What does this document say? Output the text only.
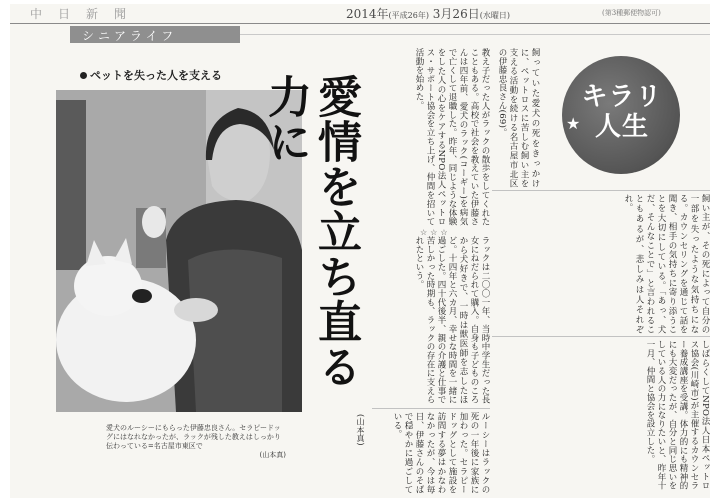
中日新聞	2014年(平成26年) 3月26日(水曜日)	(第3種郵便物認可)
シニアライフ
ペットを失った人を支える
愛犬のルーシーにもらった伊藤忠良さん。セラピードッグにはなれなかったが、ラックが残した教えはしっかり伝わっている=名古屋市東区で
(山本真)
愛情を立ち直る力に	キラリ人生
★
飼っていた愛犬の死をきっかけに、ペットロスに苦しむ飼い主を支える活動を続ける名古屋市北区の伊藤忠良さん(69)。
教え子だった人がラックの散歩をしてくれたこともある。高校で社会を教えていた伊藤さんは四年前、愛犬のラック(コーギー)を病気で亡くして退職した。昨年、同じような体験をした人の心をケアするNPO法人ペットロス・サポート協会を立ち上げ、仲間を招いて活動を始めた。
☆☆☆
ラックは二〇〇一年、当時中学生だった長女にねだられて購入。自身も子どものころから犬好きで、一時は獣医師を志したほど。十四年と六カ月、幸せな時間を一緒に過ごした。四十代後半、親の介護と仕事で苦しかった時期も、ラックの存在に支えられたという。	飼い主が、その死によって自分の一部を失ったような気持ちになる。カウンセリングを通じて話を聞き、相手の気持ちに寄り添うことを大切にしている。「あっ、犬だ、そんなことで」と言われることもあるが、悲しみは人それぞれ。
しばらくしてNPO法人日本ペットロス協会(川崎市)が主催するカウンセラー養成講座を受講。体力的にも精神的にも大変だったが、自分と同じ思いをしている人の力になりたいと、昨年十一月、仲間と協会を設立した。
ルーシーはラックの死の一年後に家族に加わった。セラピードッグとして施設を訪問する夢はかなわなかったが、今は毎日、伊藤さんのそばで穏やかに過ごしている。
(山本真)
